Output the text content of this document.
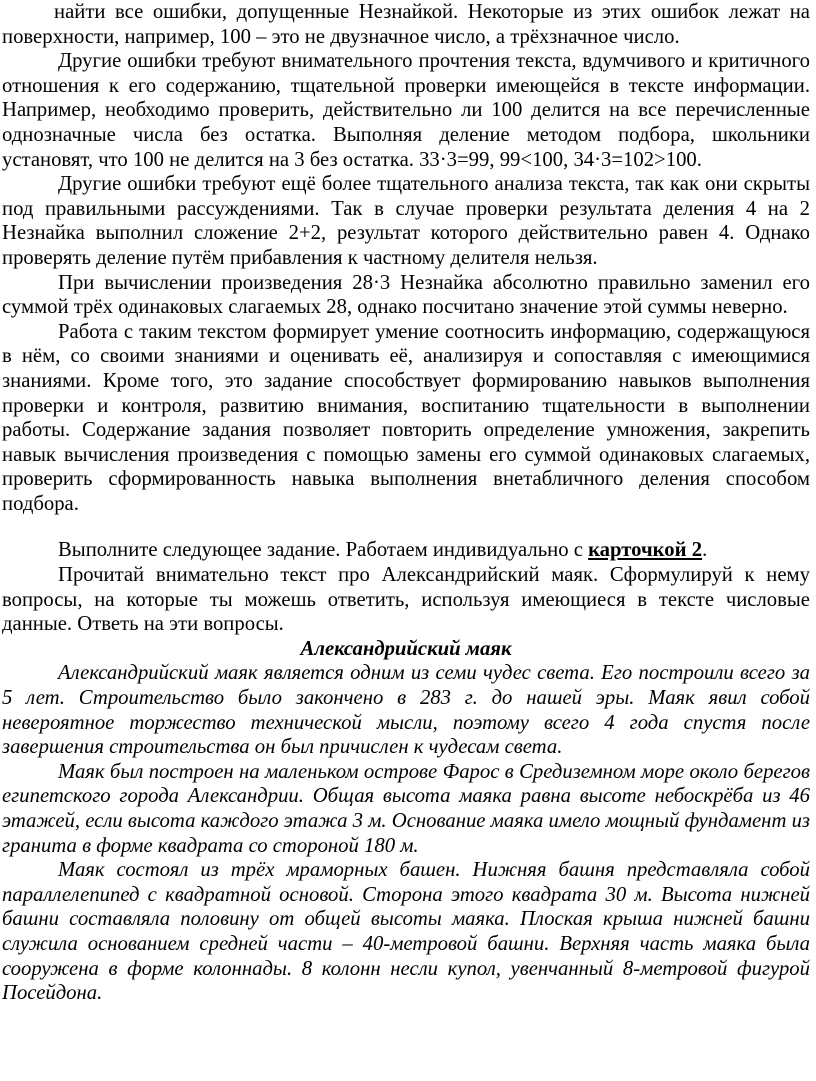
найти все ошибки, допущенные Незнайкой. Некоторые из этих ошибок лежат на поверхности, например, 100 – это не двузначное число, а трёхзначное число.

Другие ошибки требуют внимательного прочтения текста, вдумчивого и критичного отношения к его содержанию, тщательной проверки имеющейся в тексте информации. Например, необходимо проверить, действительно ли 100 делится на все перечисленные однозначные числа без остатка. Выполняя деление методом подбора, школьники установят, что 100 не делится на 3 без остатка. 33·3=99, 99<100, 34·3=102>100.

Другие ошибки требуют ещё более тщательного анализа текста, так как они скрыты под правильными рассуждениями. Так в случае проверки результата деления 4 на 2 Незнайка выполнил сложение 2+2, результат которого действительно равен 4. Однако проверять деление путём прибавления к частному делителя нельзя.

При вычислении произведения 28·3 Незнайка абсолютно правильно заменил его суммой трёх одинаковых слагаемых 28, однако посчитано значение этой суммы неверно.

Работа с таким текстом формирует умение соотносить информацию, содержащуюся в нём, со своими знаниями и оценивать её, анализируя и сопоставляя с имеющимися знаниями. Кроме того, это задание способствует формированию навыков выполнения проверки и контроля, развитию внимания, воспитанию тщательности в выполнении работы. Содержание задания позволяет повторить определение умножения, закрепить навык вычисления произведения с помощью замены его суммой одинаковых слагаемых, проверить сформированность навыка выполнения внетабличного деления способом подбора.

Выполните следующее задание. Работаем индивидуально с карточкой 2.

Прочитай внимательно текст про Александрийский маяк. Сформулируй к нему вопросы, на которые ты можешь ответить, используя имеющиеся в тексте числовые данные. Ответь на эти вопросы.

Александрийский маяк

Александрийский маяк является одним из семи чудес света. Его построили всего за 5 лет. Строительство было закончено в 283 г. до нашей эры. Маяк явил собой невероятное торжество технической мысли, поэтому всего 4 года спустя после завершения строительства он был причислен к чудесам света.

Маяк был построен на маленьком острове Фарос в Средиземном море около берегов египетского города Александрии. Общая высота маяка равна высоте небоскрёба из 46 этажей, если высота каждого этажа 3 м. Основание маяка имело мощный фундамент из гранита в форме квадрата со стороной 180 м.

Маяк состоял из трёх мраморных башен. Нижняя башня представляла собой параллелепипед с квадратной основой. Сторона этого квадрата 30 м. Высота нижней башни составляла половину от общей высоты маяка. Плоская крыша нижней башни служила основанием средней части – 40-метровой башни. Верхняя часть маяка была сооружена в форме колоннады. 8 колонн несли купол, увенчанный 8-метровой фигурой Посейдона.
